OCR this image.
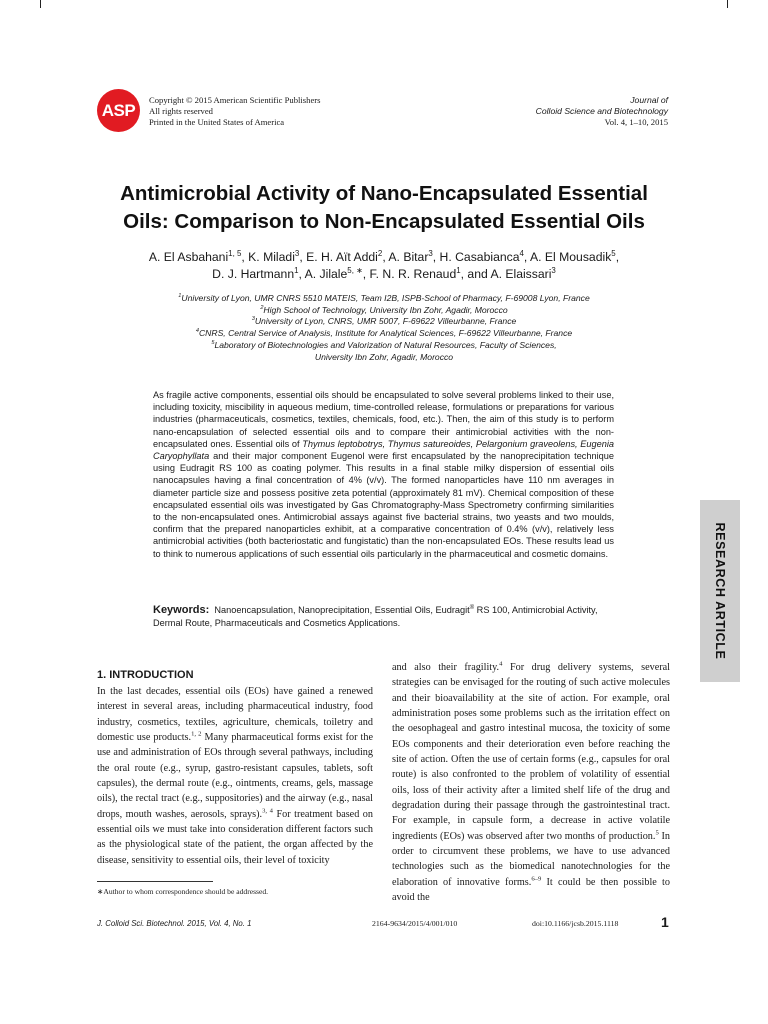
ASP
Copyright © 2015 American Scientific Publishers
All rights reserved
Printed in the United States of America
Journal of
Colloid Science and Biotechnology
Vol. 4, 1–10, 2015
Antimicrobial Activity of Nano-Encapsulated Essential
Oils: Comparison to Non-Encapsulated Essential Oils
A. El Asbahani$^{1, 5}$, K. Miladi$^3$, E. H. Aït Addi$^2$, A. Bitar$^3$, H. Casabianca$^4$, A. El Mousadik$^5$,
D. J. Hartmann$^1$, A. Jilale$^{5, ∗}$, F. N. R. Renaud$^1$, and A. Elaissari$^3$
$^1$University of Lyon, UMR CNRS 5510 MATEIS, Team I2B, ISPB-School of Pharmacy, F-69008 Lyon, France
$^2$High School of Technology, University Ibn Zohr, Agadir, Morocco
$^3$University of Lyon, CNRS, UMR 5007, F-69622 Villeurbanne, France
$^4$CNRS, Central Service of Analysis, Institute for Analytical Sciences, F-69622 Villeurbanne, France
$^5$Laboratory of Biotechnologies and Valorization of Natural Resources, Faculty of Sciences,
University Ibn Zohr, Agadir, Morocco
As fragile active components, essential oils should be encapsulated to solve several problems linked to their use, including toxicity, miscibility in aqueous medium, time-controlled release, formulations or preparations for various industries (pharmaceuticals, cosmetics, textiles, chemicals, food, etc.). Then, the aim of this study is to perform nano-encapsulation of selected essential oils and to compare their antimicrobial activities with the non-encapsulated ones. Essential oils of Thymus leptobotrys, Thymus satureoides, Pelargonium graveolens, Eugenia Caryophyllata and their major component Eugenol were first encapsulated by the nanoprecipitation technique using Eudragit RS 100 as coating polymer. This results in a final stable milky dispersion of essential oils nanocapsules having a final concentration of 4% (v/v). The formed nanoparticles have 110 nm averages in diameter particle size and possess positive zeta potential (approximately 81 mV). Chemical composition of these encapsulated essential oils was investigated by Gas Chromatography-Mass Spectrometry confirming similarities to the non-encapsulated ones. Antimicrobial assays against five bacterial strains, two yeasts and two moulds, confirm that the prepared nanoparticles exhibit, at a comparative concentration of 0.4% (v/v), relatively less antimicrobial activities (both bacteriostatic and fungistatic) than the non-encapsulated EOs. These results lead us to think to numerous applications of such essential oils particularly in the pharmaceutical and cosmetic domains.
Keywords: Nanoencapsulation, Nanoprecipitation, Essential Oils, Eudragit® RS 100, Antimicrobial Activity, Dermal Route, Pharmaceuticals and Cosmetics Applications.	RESEARCH ARTICLE
1. INTRODUCTION
In the last decades, essential oils (EOs) have gained a renewed interest in several areas, including pharmaceutical industry, food industry, cosmetics, textiles, agriculture, chemicals, toiletry and domestic use products.$^{1, 2}$ Many pharmaceutical forms exist for the use and administration of EOs through several pathways, including the oral route (e.g., syrup, gastro-resistant capsules, tablets, soft capsules), the dermal route (e.g., ointments, creams, gels, massage oils), the rectal tract (e.g., suppositories) and the airway (e.g., nasal drops, mouth washes, aerosols, sprays).$^{3, 4}$ For treatment based on essential oils we must take into consideration different factors such as the physiological state of the patient, the organ affected by the disease, sensitivity to essential oils, their level of toxicity
and also their fragility.$^4$ For drug delivery systems, several strategies can be envisaged for the routing of such active molecules and their bioavailability at the site of action. For example, oral administration poses some problems such as the irritation effect on the oesophageal and gastro intestinal mucosa, the toxicity of some EOs components and their deterioration even before reaching the site of action. Often the use of certain forms (e.g., capsules for oral route) is also confronted to the problem of volatility of essential oils, loss of their activity after a limited shelf life of the drug and degradation during their passage through the gastrointestinal tract. For example, in capsule form, a decrease in active volatile ingredients (EOs) was observed after two months of production.$^5$ In order to circumvent these problems, we have to use advanced technologies such as the biomedical nanotechnologies for the elaboration of innovative forms.$^{6-9}$ It could be then possible to avoid the
∗Author to whom correspondence should be addressed.
J. Colloid Sci. Biotechnol. 2015, Vol. 4, No. 1	2164-9634/2015/4/001/010	doi:10.1166/jcsb.2015.1118	1
